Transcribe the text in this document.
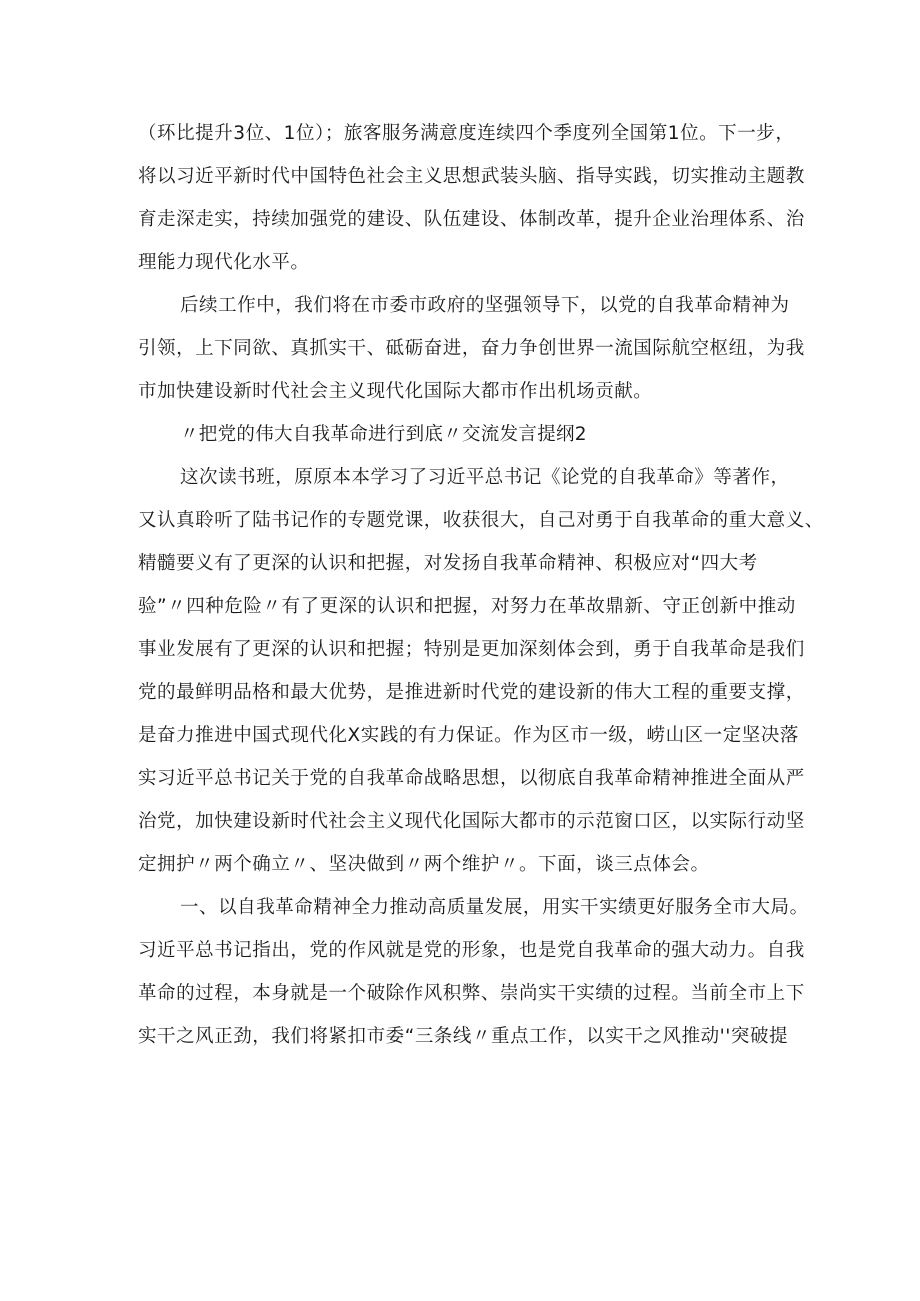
（环比提升3位、1位）；旅客服务满意度连续四个季度列全国第1位。下一步，
将以习近平新时代中国特色社会主义思想武装头脑、指导实践，切实推动主题教
育走深走实，持续加强党的建设、队伍建设、体制改革，提升企业治理体系、治
理能力现代化水平。
后续工作中，我们将在市委市政府的坚强领导下，以党的自我革命精神为
引领，上下同欲、真抓实干、砥砺奋进，奋力争创世界一流国际航空枢纽，为我
市加快建设新时代社会主义现代化国际大都市作出机场贡献。
〃把党的伟大自我革命进行到底〃交流发言提纲2
这次读书班，原原本本学习了习近平总书记《论党的自我革命》等著作，
又认真聆听了陆书记作的专题党课，收获很大，自己对勇于自我革命的重大意义、
精髓要义有了更深的认识和把握，对发扬自我革命精神、积极应对“四大考
验”〃四种危险〃有了更深的认识和把握，对努力在革故鼎新、守正创新中推动
事业发展有了更深的认识和把握；特别是更加深刻体会到，勇于自我革命是我们
党的最鲜明品格和最大优势，是推进新时代党的建设新的伟大工程的重要支撑，
是奋力推进中国式现代化X实践的有力保证。作为区市一级，崂山区一定坚决落
实习近平总书记关于党的自我革命战略思想，以彻底自我革命精神推进全面从严
治党，加快建设新时代社会主义现代化国际大都市的示范窗口区，以实际行动坚
定拥护〃两个确立〃、坚决做到〃两个维护〃。下面，谈三点体会。
一、以自我革命精神全力推动高质量发展，用实干实绩更好服务全市大局。
习近平总书记指出，党的作风就是党的形象，也是党自我革命的强大动力。自我
革命的过程，本身就是一个破除作风积弊、崇尚实干实绩的过程。当前全市上下
实干之风正劲，我们将紧扣市委“三条线〃重点工作，以实干之风推动''突破提
